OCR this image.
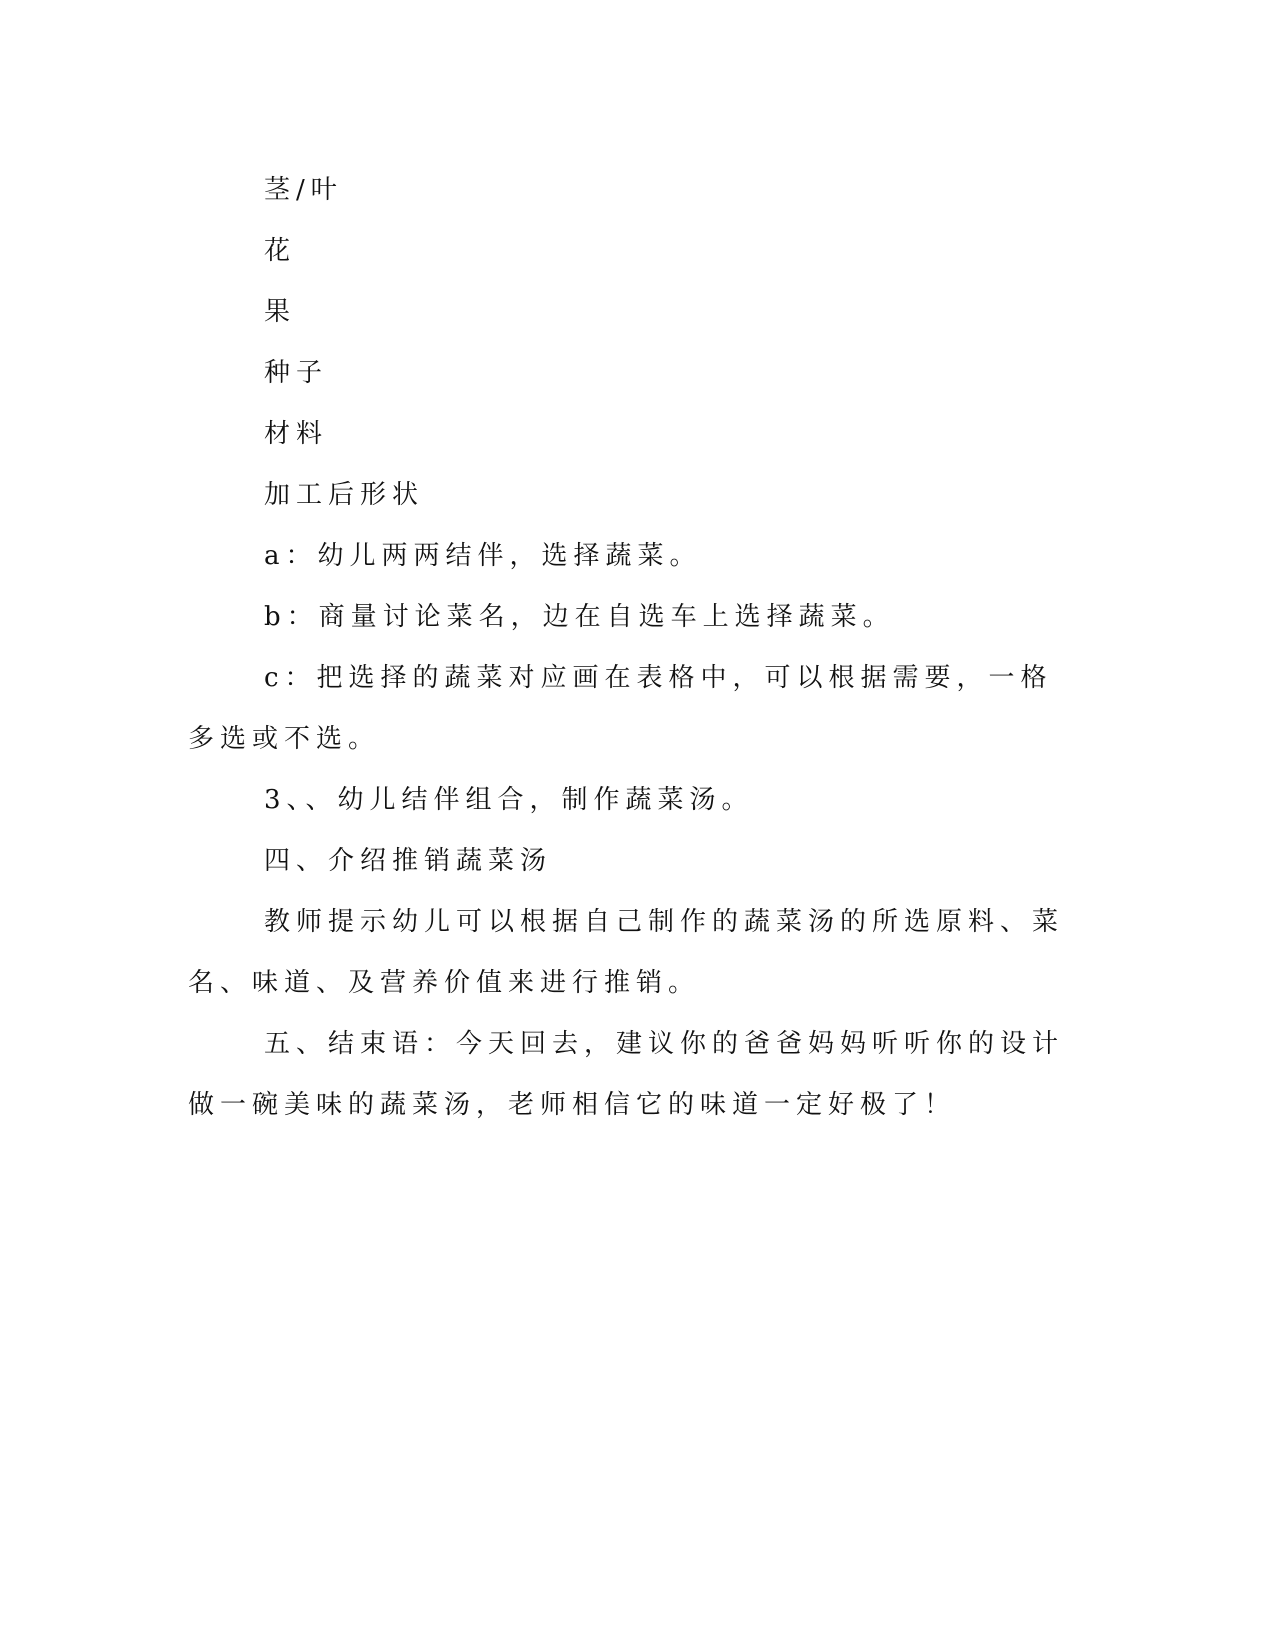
茎/叶

花

果

种子

材料

加工后形状

a：幼儿两两结伴，选择蔬菜。

b：商量讨论菜名，边在自选车上选择蔬菜。

c：把选择的蔬菜对应画在表格中，可以根据需要，一格多选或不选。

3、、幼儿结伴组合，制作蔬菜汤。

四、介绍推销蔬菜汤

教师提示幼儿可以根据自己制作的蔬菜汤的所选原料、菜名、味道、及营养价值来进行推销。

五、结束语：今天回去，建议你的爸爸妈妈听听你的设计做一碗美味的蔬菜汤，老师相信它的味道一定好极了！
